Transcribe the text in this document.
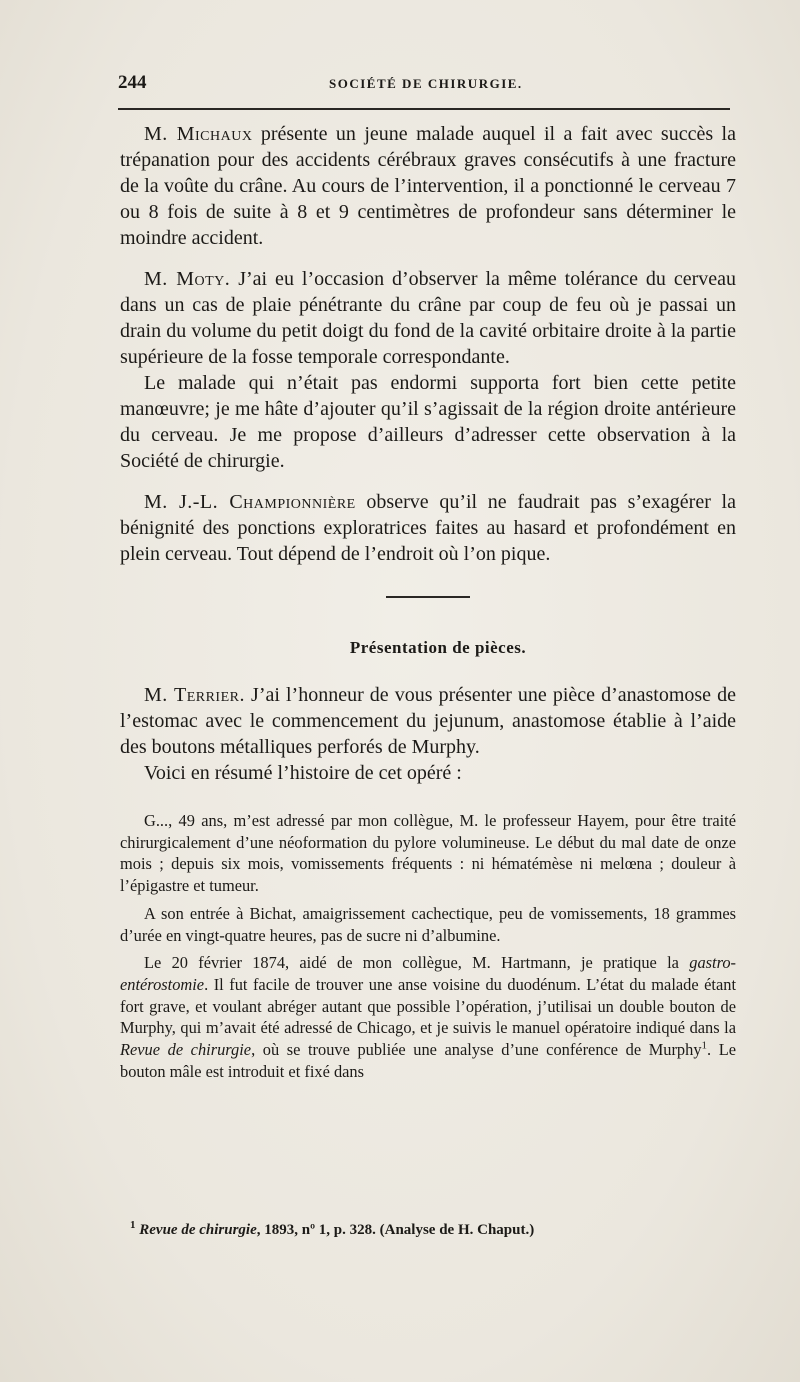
244	SOCIÉTÉ DE CHIRURGIE.

M. Michaux présente un jeune malade auquel il a fait avec succès la trépanation pour des accidents cérébraux graves consécutifs à une fracture de la voûte du crâne. Au cours de l’intervention, il a ponctionné le cerveau 7 ou 8 fois de suite à 8 et 9 centimètres de profondeur sans déterminer le moindre accident.

M. Moty. J’ai eu l’occasion d’observer la même tolérance du cerveau dans un cas de plaie pénétrante du crâne par coup de feu où je passai un drain du volume du petit doigt du fond de la cavité orbitaire droite à la partie supérieure de la fosse temporale correspondante.

Le malade qui n’était pas endormi supporta fort bien cette petite manœuvre; je me hâte d’ajouter qu’il s’agissait de la région droite antérieure du cerveau. Je me propose d’ailleurs d’adresser cette observation à la Société de chirurgie.

M. J.-L. Championnière observe qu’il ne faudrait pas s’exagérer la bénignité des ponctions exploratrices faites au hasard et profondément en plein cerveau. Tout dépend de l’endroit où l’on pique.

Présentation de pièces.

M. Terrier. J’ai l’honneur de vous présenter une pièce d’anastomose de l’estomac avec le commencement du jejunum, anastomose établie à l’aide des boutons métalliques perforés de Murphy.

Voici en résumé l’histoire de cet opéré :

G..., 49 ans, m’est adressé par mon collègue, M. le professeur Hayem, pour être traité chirurgicalement d’une néoformation du pylore volumineuse. Le début du mal date de onze mois ; depuis six mois, vomissements fréquents : ni hématémèse ni melœna ; douleur à l’épigastre et tumeur.

A son entrée à Bichat, amaigrissement cachectique, peu de vomissements, 18 grammes d’urée en vingt-quatre heures, pas de sucre ni d’albumine.

Le 20 février 1874, aidé de mon collègue, M. Hartmann, je pratique la gastro-entérostomie. Il fut facile de trouver une anse voisine du duodénum. L’état du malade étant fort grave, et voulant abréger autant que possible l’opération, j’utilisai un double bouton de Murphy, qui m’avait été adressé de Chicago, et je suivis le manuel opératoire indiqué dans la Revue de chirurgie, où se trouve publiée une analyse d’une conférence de Murphy$^1$. Le bouton mâle est introduit et fixé dans

$^1$ Revue de chirurgie, 1893, nº 1, p. 328. (Analyse de H. Chaput.)
